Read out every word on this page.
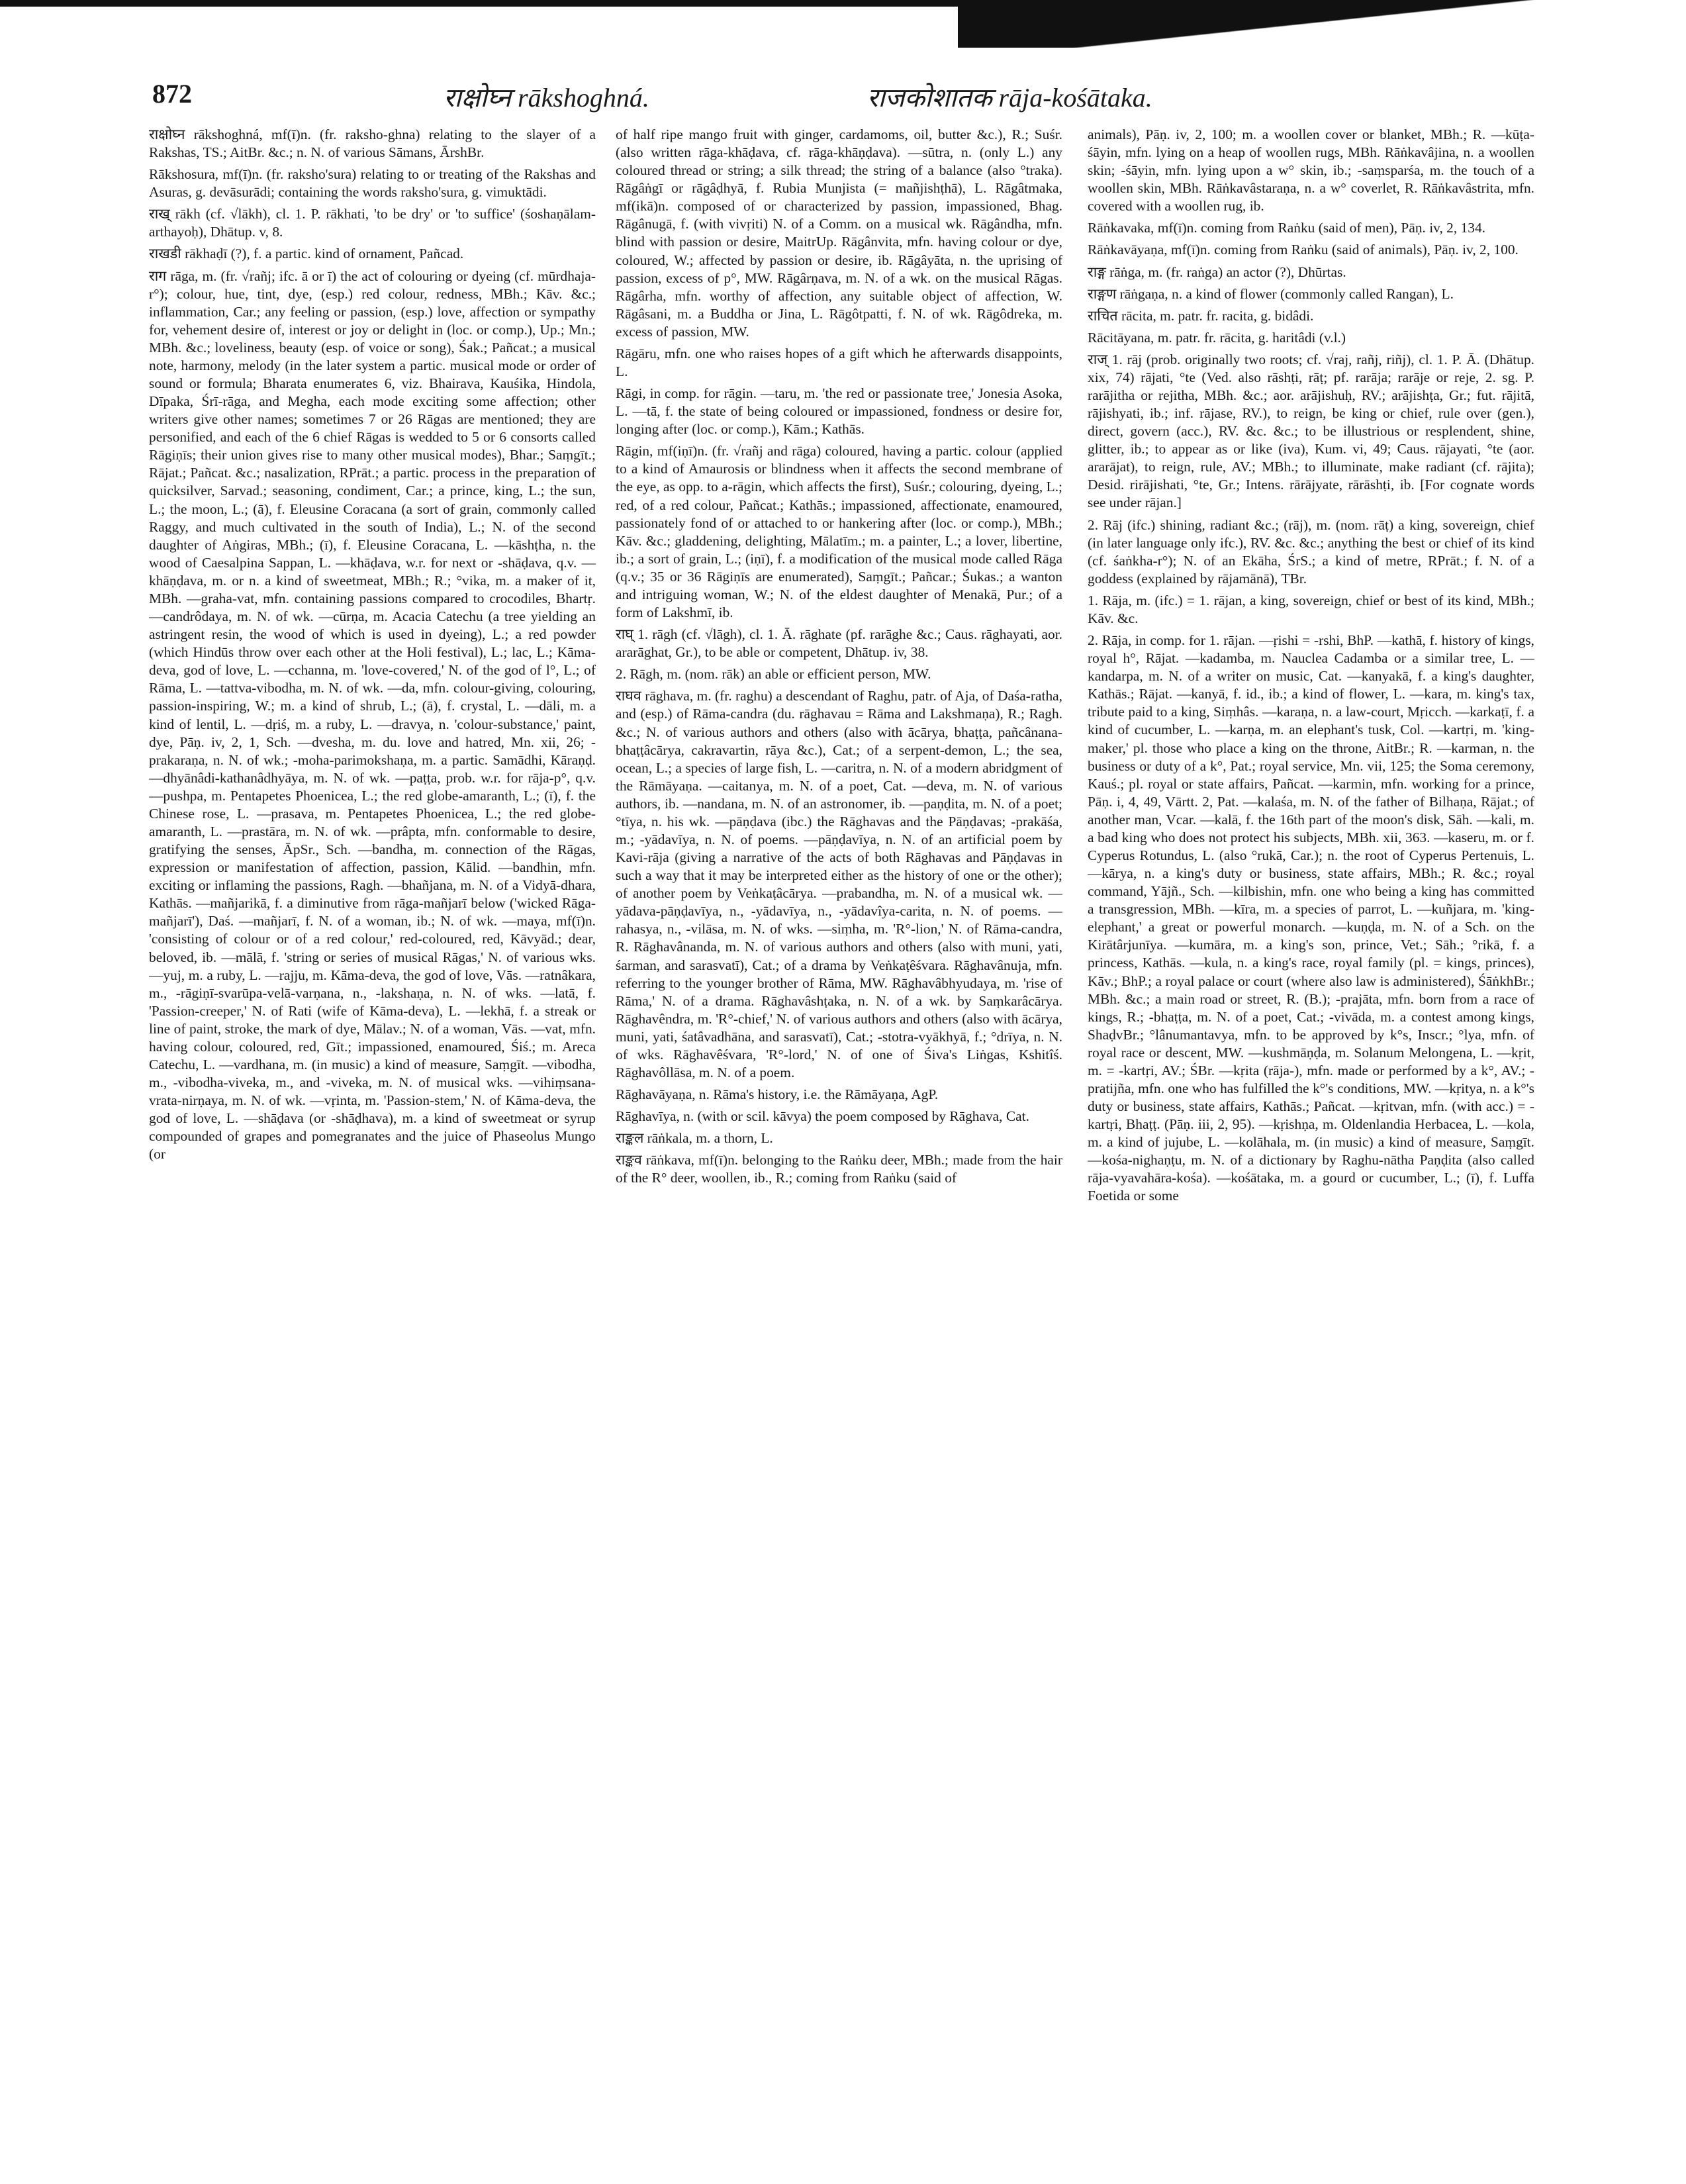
872	राक्षोघ्न rākshoghná.	राजकोशातक rāja-kośātaka.

राक्षोघ्न rākshoghná, mf(ī)n. (fr. raksho-ghna) relating to the slayer of a Rakshas, TS.; AitBr. &c.; n. N. of various Sāmans, ĀrshBr.

Rākshosura, mf(ī)n. (fr. raksho'sura) relating to or treating of the Rakshas and Asuras, g. devāsurādi; containing the words raksho'sura, g. vimuktādi.

राख् rākh (cf. √lākh), cl. 1. P. rākhati, 'to be dry' or 'to suffice' (śoshaṇālam-arthayoḥ), Dhātup. v, 8.

राखडी rākhaḍī (?), f. a partic. kind of ornament, Pañcad.

राग rāga, m. (fr. √rañj; ifc. ā or ī) the act of colouring or dyeing (cf. mūrdhaja-r°); colour, hue, tint, dye, (esp.) red colour, redness, MBh.; Kāv. &c.; inflammation, Car.; any feeling or passion, (esp.) love, affection or sympathy for, vehement desire of, interest or joy or delight in (loc. or comp.), Up.; Mn.; MBh. &c.; loveliness, beauty (esp. of voice or song), Śak.; Pañcat.; a musical note, harmony, melody (in the later system a partic. musical mode or order of sound or formula; Bharata enumerates 6, viz. Bhairava, Kauśika, Hindola, Dīpaka, Śrī-rāga, and Megha, each mode exciting some affection; other writers give other names; sometimes 7 or 26 Rāgas are mentioned; they are personified, and each of the 6 chief Rāgas is wedded to 5 or 6 consorts called Rāgiṇīs; their union gives rise to many other musical modes), Bhar.; Saṃgīt.; Rājat.; Pañcat. &c.; nasalization, RPrāt.; a partic. process in the preparation of quicksilver, Sarvad.; seasoning, condiment, Car.; a prince, king, L.; the sun, L.; the moon, L.; (ā), f. Eleusine Coracana (a sort of grain, commonly called Raggy, and much cultivated in the south of India), L.; N. of the second daughter of Aṅgiras, MBh.; (ī), f. Eleusine Coracana, L. —kāshṭha, n. the wood of Caesalpina Sappan, L. —khāḍava, w.r. for next or -shāḍava, q.v. —khāṇḍava, m. or n. a kind of sweetmeat, MBh.; R.; °vika, m. a maker of it, MBh. —graha-vat, mfn. containing passions compared to crocodiles, Bhartṛ. —candrôdaya, m. N. of wk. —cūrṇa, m. Acacia Catechu (a tree yielding an astringent resin, the wood of which is used in dyeing), L.; a red powder (which Hindūs throw over each other at the Holi festival), L.; lac, L.; Kāma-deva, god of love, L. —cchanna, m. 'love-covered,' N. of the god of l°, L.; of Rāma, L. —tattva-vibodha, m. N. of wk. —da, mfn. colour-giving, colouring, passion-inspiring, W.; m. a kind of shrub, L.; (ā), f. crystal, L. —dāli, m. a kind of lentil, L. —dṛiś, m. a ruby, L. —dravya, n. 'colour-substance,' paint, dye, Pāṇ. iv, 2, 1, Sch. —dvesha, m. du. love and hatred, Mn. xii, 26; -prakaraṇa, n. N. of wk.; -moha-parimokshaṇa, m. a partic. Samādhi, Kāraṇḍ. —dhyānâdi-kathanâdhyāya, m. N. of wk. —paṭṭa, prob. w.r. for rāja-p°, q.v. —pushpa, m. Pentapetes Phoenicea, L.; the red globe-amaranth, L.; (ī), f. the Chinese rose, L. —prasava, m. Pentapetes Phoenicea, L.; the red globe-amaranth, L. —prastāra, m. N. of wk. —prâpta, mfn. conformable to desire, gratifying the senses, ĀpSr., Sch. —bandha, m. connection of the Rāgas, expression or manifestation of affection, passion, Kālid. —bandhin, mfn. exciting or inflaming the passions, Ragh. —bhañjana, m. N. of a Vidyā-dhara, Kathās. —mañjarikā, f. a diminutive from rāga-mañjarī below ('wicked Rāga-mañjarī'), Daś. —mañjarī, f. N. of a woman, ib.; N. of wk. —maya, mf(ī)n. 'consisting of colour or of a red colour,' red-coloured, red, Kāvyād.; dear, beloved, ib. —mālā, f. 'string or series of musical Rāgas,' N. of various wks. —yuj, m. a ruby, L. —rajju, m. Kāma-deva, the god of love, Vās. —ratnâkara, m., -rāgiṇī-svarūpa-velā-varṇana, n., -lakshaṇa, n. N. of wks. —latā, f. 'Passion-creeper,' N. of Rati (wife of Kāma-deva), L. —lekhā, f. a streak or line of paint, stroke, the mark of dye, Mālav.; N. of a woman, Vās. —vat, mfn. having colour, coloured, red, Gīt.; impassioned, enamoured, Śiś.; m. Areca Catechu, L. —vardhana, m. (in music) a kind of measure, Saṃgīt. —vibodha, m., -vibodha-viveka, m., and -viveka, m. N. of musical wks. —vihiṃsana-vrata-nirṇaya, m. N. of wk. —vṛinta, m. 'Passion-stem,' N. of Kāma-deva, the god of love, L. —shāḍava (or -shāḍhava), m. a kind of sweetmeat or syrup compounded of grapes and pomegranates and the juice of Phaseolus Mungo (or

of half ripe mango fruit with ginger, cardamoms, oil, butter &c.), R.; Suśr. (also written rāga-khāḍava, cf. rāga-khāṇḍava). —sūtra, n. (only L.) any coloured thread or string; a silk thread; the string of a balance (also °traka). Rāgâṅgī or rāgâḍhyā, f. Rubia Munjista (= mañjishṭhā), L. Rāgâtmaka, mf(ikā)n. composed of or characterized by passion, impassioned, Bhag. Rāgânugā, f. (with vivṛiti) N. of a Comm. on a musical wk. Rāgândha, mfn. blind with passion or desire, MaitrUp. Rāgânvita, mfn. having colour or dye, coloured, W.; affected by passion or desire, ib. Rāgâyāta, n. the uprising of passion, excess of p°, MW. Rāgârṇava, m. N. of a wk. on the musical Rāgas. Rāgârha, mfn. worthy of affection, any suitable object of affection, W. Rāgâsani, m. a Buddha or Jina, L. Rāgôtpatti, f. N. of wk. Rāgôdreka, m. excess of passion, MW.

Rāgāru, mfn. one who raises hopes of a gift which he afterwards disappoints, L.

Rāgi, in comp. for rāgin. —taru, m. 'the red or passionate tree,' Jonesia Asoka, L. —tā, f. the state of being coloured or impassioned, fondness or desire for, longing after (loc. or comp.), Kām.; Kathās.

Rāgin, mf(iṇī)n. (fr. √rañj and rāga) coloured, having a partic. colour (applied to a kind of Amaurosis or blindness when it affects the second membrane of the eye, as opp. to a-rāgin, which affects the first), Suśr.; colouring, dyeing, L.; red, of a red colour, Pañcat.; Kathās.; impassioned, affectionate, enamoured, passionately fond of or attached to or hankering after (loc. or comp.), MBh.; Kāv. &c.; gladdening, delighting, Mālatīm.; m. a painter, L.; a lover, libertine, ib.; a sort of grain, L.; (iṇī), f. a modification of the musical mode called Rāga (q.v.; 35 or 36 Rāgiṇīs are enumerated), Saṃgīt.; Pañcar.; Śukas.; a wanton and intriguing woman, W.; N. of the eldest daughter of Menakā, Pur.; of a form of Lakshmī, ib.

राघ् 1. rāgh (cf. √lāgh), cl. 1. Ā. rāghate (pf. rarāghe &c.; Caus. rāghayati, aor. ararāghat, Gr.), to be able or competent, Dhātup. iv, 38.

2. Rāgh, m. (nom. rāk) an able or efficient person, MW.

राघव rāghava, m. (fr. raghu) a descendant of Raghu, patr. of Aja, of Daśa-ratha, and (esp.) of Rāma-candra (du. rāghavau = Rāma and Lakshmaṇa), R.; Ragh. &c.; N. of various authors and others (also with ācārya, bhaṭṭa, pañcânana-bhaṭṭâcārya, cakravartin, rāya &c.), Cat.; of a serpent-demon, L.; the sea, ocean, L.; a species of large fish, L. —caritra, n. N. of a modern abridgment of the Rāmāyaṇa. —caitanya, m. N. of a poet, Cat. —deva, m. N. of various authors, ib. —nandana, m. N. of an astronomer, ib. —paṇḍita, m. N. of a poet; °tīya, n. his wk. —pāṇḍava (ibc.) the Rāghavas and the Pāṇḍavas; -prakāśa, m.; -yādavīya, n. N. of poems. —pāṇḍavīya, n. N. of an artificial poem by Kavi-rāja (giving a narrative of the acts of both Rāghavas and Pāṇḍavas in such a way that it may be interpreted either as the history of one or the other); of another poem by Veṅkaṭâcārya. —prabandha, m. N. of a musical wk. —yādava-pāṇḍavīya, n., -yādavīya, n., -yādavîya-carita, n. N. of poems. —rahasya, n., -vilāsa, m. N. of wks. —siṃha, m. 'R°-lion,' N. of Rāma-candra, R. Rāghavânanda, m. N. of various authors and others (also with muni, yati, śarman, and sarasvatī), Cat.; of a drama by Veṅkaṭêśvara. Rāghavânuja, mfn. referring to the younger brother of Rāma, MW. Rāghavâbhyudaya, m. 'rise of Rāma,' N. of a drama. Rāghavâshṭaka, n. N. of a wk. by Saṃkarâcārya. Rāghavêndra, m. 'R°-chief,' N. of various authors and others (also with ācārya, muni, yati, śatâvadhāna, and sarasvatī), Cat.; -stotra-vyākhyā, f.; °drīya, n. N. of wks. Rāghavêśvara, 'R°-lord,' N. of one of Śiva's Liṅgas, Kshitîś. Rāghavôllāsa, m. N. of a poem.

Rāghavāyaṇa, n. Rāma's history, i.e. the Rāmāyaṇa, AgP.

Rāghavīya, n. (with or scil. kāvya) the poem composed by Rāghava, Cat.

राङ्कल rāṅkala, m. a thorn, L.

राङ्कव rāṅkava, mf(ī)n. belonging to the Raṅku deer, MBh.; made from the hair of the R° deer, woollen, ib., R.; coming from Raṅku (said of

animals), Pāṇ. iv, 2, 100; m. a woollen cover or blanket, MBh.; R. —kūṭa-śāyin, mfn. lying on a heap of woollen rugs, MBh. Rāṅkavâjina, n. a woollen skin; -śāyin, mfn. lying upon a w° skin, ib.; -saṃsparśa, m. the touch of a woollen skin, MBh. Rāṅkavâstaraṇa, n. a w° coverlet, R. Rāṅkavâstrita, mfn. covered with a woollen rug, ib.

Rāṅkavaka, mf(ī)n. coming from Raṅku (said of men), Pāṇ. iv, 2, 134.

Rāṅkavāyaṇa, mf(ī)n. coming from Raṅku (said of animals), Pāṇ. iv, 2, 100.

राङ्ग rāṅga, m. (fr. raṅga) an actor (?), Dhūrtas.

राङ्गण rāṅgaṇa, n. a kind of flower (commonly called Rangan), L.

राचित rācita, m. patr. fr. racita, g. bidâdi.

Rācitāyana, m. patr. fr. rācita, g. haritâdi (v.l.)

राज् 1. rāj (prob. originally two roots; cf. √raj, rañj, riñj), cl. 1. P. Ā. (Dhātup. xix, 74) rājati, °te (Ved. also rāshṭi, rāṭ; pf. rarāja; rarāje or reje, 2. sg. P. rarājitha or rejitha, MBh. &c.; aor. arājishuḥ, RV.; arājishṭa, Gr.; fut. rājitā, rājishyati, ib.; inf. rājase, RV.), to reign, be king or chief, rule over (gen.), direct, govern (acc.), RV. &c. &c.; to be illustrious or resplendent, shine, glitter, ib.; to appear as or like (iva), Kum. vi, 49; Caus. rājayati, °te (aor. ararājat), to reign, rule, AV.; MBh.; to illuminate, make radiant (cf. rājita); Desid. rirājishati, °te, Gr.; Intens. rārājyate, rārāshṭi, ib. [For cognate words see under rājan.]

2. Rāj (ifc.) shining, radiant &c.; (rāj), m. (nom. rāṭ) a king, sovereign, chief (in later language only ifc.), RV. &c. &c.; anything the best or chief of its kind (cf. śaṅkha-r°); N. of an Ekāha, ŚrS.; a kind of metre, RPrāt.; f. N. of a goddess (explained by rājamānā), TBr.

1. Rāja, m. (ifc.) = 1. rājan, a king, sovereign, chief or best of its kind, MBh.; Kāv. &c.

2. Rāja, in comp. for 1. rājan. —ṛishi = -rshi, BhP. —kathā, f. history of kings, royal h°, Rājat. —kadamba, m. Nauclea Cadamba or a similar tree, L. —kandarpa, m. N. of a writer on music, Cat. —kanyakā, f. a king's daughter, Kathās.; Rājat. —kanyā, f. id., ib.; a kind of flower, L. —kara, m. king's tax, tribute paid to a king, Siṃhâs. —karaṇa, n. a law-court, Mṛicch. —karkaṭī, f. a kind of cucumber, L. —karṇa, m. an elephant's tusk, Col. —kartṛi, m. 'king-maker,' pl. those who place a king on the throne, AitBr.; R. —karman, n. the business or duty of a k°, Pat.; royal service, Mn. vii, 125; the Soma ceremony, Kauś.; pl. royal or state affairs, Pañcat. —karmin, mfn. working for a prince, Pāṇ. i, 4, 49, Vārtt. 2, Pat. —kalaśa, m. N. of the father of Bilhaṇa, Rājat.; of another man, Vcar. —kalā, f. the 16th part of the moon's disk, Sāh. —kali, m. a bad king who does not protect his subjects, MBh. xii, 363. —kaseru, m. or f. Cyperus Rotundus, L. (also °rukā, Car.); n. the root of Cyperus Pertenuis, L. —kārya, n. a king's duty or business, state affairs, MBh.; R. &c.; royal command, Yājñ., Sch. —kilbishin, mfn. one who being a king has committed a transgression, MBh. —kīra, m. a species of parrot, L. —kuñjara, m. 'king-elephant,' a great or powerful monarch. —kuṇḍa, m. N. of a Sch. on the Kirātârjunīya. —kumāra, m. a king's son, prince, Vet.; Sāh.; °rikā, f. a princess, Kathās. —kula, n. a king's race, royal family (pl. = kings, princes), Kāv.; BhP.; a royal palace or court (where also law is administered), ŚāṅkhBr.; MBh. &c.; a main road or street, R. (B.); -prajāta, mfn. born from a race of kings, R.; -bhaṭṭa, m. N. of a poet, Cat.; -vivāda, m. a contest among kings, ShaḍvBr.; °lânumantavya, mfn. to be approved by k°s, Inscr.; °lya, mfn. of royal race or descent, MW. —kushmāṇḍa, m. Solanum Melongena, L. —kṛit, m. = -kartṛi, AV.; ŚBr. —kṛita (rāja-), mfn. made or performed by a k°, AV.; -pratijña, mfn. one who has fulfilled the k°'s conditions, MW. —kṛitya, n. a k°'s duty or business, state affairs, Kathās.; Pañcat. —kṛitvan, mfn. (with acc.) = -kartṛi, Bhaṭṭ. (Pāṇ. iii, 2, 95). —kṛishṇa, m. Oldenlandia Herbacea, L. —kola, m. a kind of jujube, L. —kolāhala, m. (in music) a kind of measure, Saṃgīt. —kośa-nighaṇṭu, m. N. of a dictionary by Raghu-nātha Paṇḍita (also called rāja-vyavahāra-kośa). —kośātaka, m. a gourd or cucumber, L.; (ī), f. Luffa Foetida or some
